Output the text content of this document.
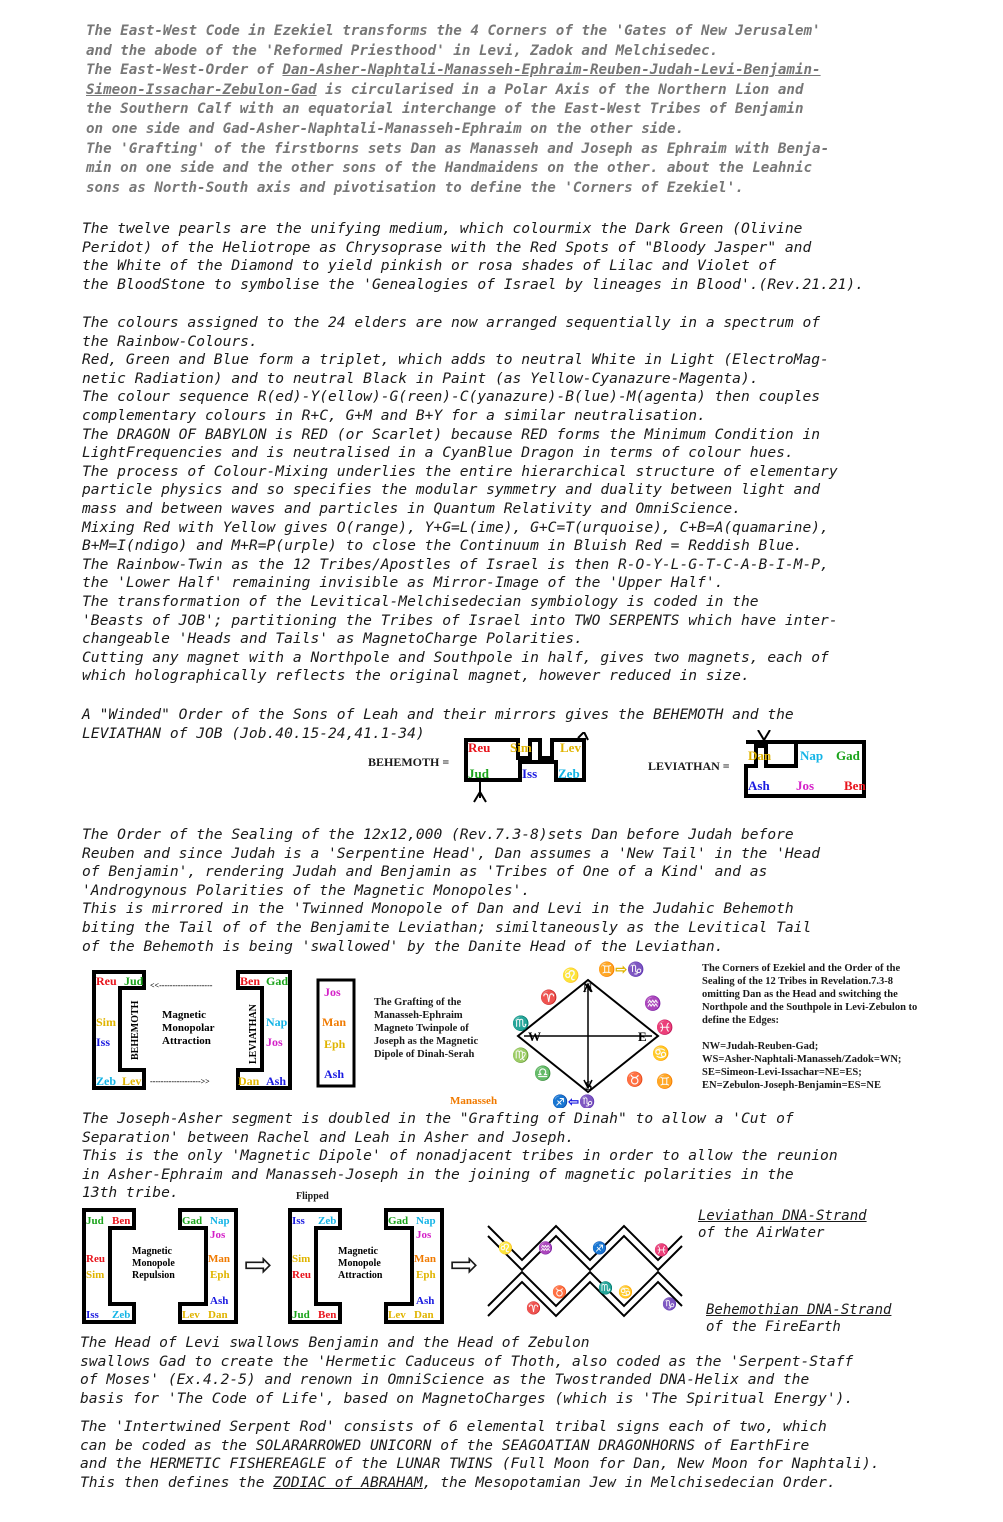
The East-West Code in Ezekiel transforms the 4 Corners of the 'Gates of New Jerusalem'
and the abode of the 'Reformed Priesthood' in Levi, Zadok and Melchisedec.
The East-West-Order of Dan-Asher-Naphtali-Manasseh-Ephraim-Reuben-Judah-Levi-Benjamin-
Simeon-Issachar-Zebulon-Gad is circularised in a Polar Axis of the Northern Lion and
the Southern Calf with an equatorial interchange of the East-West Tribes of Benjamin
on one side and Gad-Asher-Naphtali-Manasseh-Ephraim on the other side.
The 'Grafting' of the firstborns sets Dan as Manasseh and Joseph as Ephraim with Benja-
min on one side and the other sons of the Handmaidens on the other. about the Leahnic
sons as North-South axis and pivotisation to define the 'Corners of Ezekiel'.
The twelve pearls are the unifying medium, which colourmix the Dark Green (Olivine
Peridot) of the Heliotrope as Chrysoprase with the Red Spots of "Bloody Jasper" and
the White of the Diamond to yield pinkish or rosa shades of Lilac and Violet of
the BloodStone to symbolise the 'Genealogies of Israel by lineages in Blood'.(Rev.21.21).
The colours assigned to the 24 elders are now arranged sequentially in a spectrum of
the Rainbow-Colours.
Red, Green and Blue form a triplet, which adds to neutral White in Light (ElectroMag-
netic Radiation) and to neutral Black in Paint (as Yellow-Cyanazure-Magenta).
The colour sequence R(ed)-Y(ellow)-G(reen)-C(yanazure)-B(lue)-M(agenta) then couples
complementary colours in R+C, G+M and B+Y for a similar neutralisation.
The DRAGON OF BABYLON is RED (or Scarlet) because RED forms the Minimum Condition in
LightFrequencies and is neutralised in a CyanBlue Dragon in terms of colour hues.
The process of Colour-Mixing underlies the entire hierarchical structure of elementary
particle physics and so specifies the modular symmetry and duality between light and
mass and between waves and particles in Quantum Relativity and OmniScience.
Mixing Red with Yellow gives O(range), Y+G=L(ime), G+C=T(urquoise), C+B=A(quamarine),
B+M=I(ndigo) and M+R=P(urple) to close the Continuum in Bluish Red = Reddish Blue.
The Rainbow-Twin as the 12 Tribes/Apostles of Israel is then R-O-Y-L-G-T-C-A-B-I-M-P,
the 'Lower Half' remaining invisible as Mirror-Image of the 'Upper Half'.
The transformation of the Levitical-Melchisedecian symbiology is coded in the
'Beasts of JOB'; partitioning the Tribes of Israel into TWO SERPENTS which have inter-
changeable 'Heads and Tails' as MagnetoCharge Polarities.
Cutting any magnet with a Northpole and Southpole in half, gives two magnets, each of
which holographically reflects the original magnet, however reduced in size.
A "Winded" Order of the Sons of Leah and their mirrors gives the BEHEMOTH and the
LEVIATHAN of JOB (Job.40.15-24,41.1-34)
BEHEMOTH =
Reu Sim Lev
Jud	Iss Zeb	LEVIATHAN =
Dan Nap Gad
Ash Jos Ben
The Order of the Sealing of the 12x12,000 (Rev.7.3-8)sets Dan before Judah before
Reuben and since Judah is a 'Serpentine Head', Dan assumes a 'New Tail' in the 'Head
of Benjamin', rendering Judah and Benjamin as 'Tribes of One of a Kind' and as
'Androgynous Polarities of the Magnetic Monopoles'.
This is mirrored in the 'Twinned Monopole of Dan and Levi in the Judahic Behemoth
biting the Tail of of the Benjamite Leviathan; similtaneously as the Levitical Tail
of the Behemoth is being 'swallowed' by the Danite Head of the Leviathan.
Reu Jud
Sim
Iss
Zeb Lev
Ben Gad
Nap
Jos
Dan Ash
BEHEMOTH	LEVIATHAN
Magnetic
Monopolar
Attraction
<<--------------------
------------------->>
Jos
Man
Eph
Ash
The Grafting of the
Manasseh-Ephraim
Magneto Twinpole of
Joseph as the Magnetic
Dipole of Dinah-Serah
N
S
E
W
Manasseh
♌ ♊⇨♑
♈	♒
♏	♓
♍	♋
♎	♉ ♊
♐⇦♑
The Corners of Ezekiel and the Order of the
Sealing of the 12 Tribes in Revelation.7.3-8
omitting Dan as the Head and switching the
Northpole and the Southpole in Levi-Zebulon to
define the Edges:
NW=Judah-Reuben-Gad;
WS=Asher-Naphtali-Manasseh/Zadok=WN;
SE=Simeon-Levi-Issachar=NE=ES;
EN=Zebulon-Joseph-Benjamin=ES=NE
The Joseph-Asher segment is doubled in the "Grafting of Dinah" to allow a 'Cut of
Separation' between Rachel and Leah in Asher and Joseph.
This is the only 'Magnetic Dipole' of nonadjacent tribes in order to allow the reunion
in Asher-Ephraim and Manasseh-Joseph in the joining of magnetic polarities in the
13th tribe.
Jud Ben
Reu
Sim
Iss Zeb
Gad Nap
Jos
Man
Eph
Ash
Lev Dan
Magnetic
Monopole
Repulsion ⇨
Flipped
Iss Zeb
Sim
Reu
Jud Ben
Gad Nap
Jos
Man
Eph
Ash
Lev Dan
Magnetic
Monopole
Attraction ⇨ ♌ ♒	♐	♓
♉	♏ ♋
♈	♑
Leviathan DNA-Strand
of the AirWater
Behemothian DNA-Strand
of the FireEarth
The Head of Levi swallows Benjamin and the Head of Zebulon
swallows Gad to create the 'Hermetic Caduceus of Thoth, also coded as the 'Serpent-Staff
of Moses' (Ex.4.2-5) and renown in OmniScience as the Twostranded DNA-Helix and the
basis for 'The Code of Life', based on MagnetoCharges (which is 'The Spiritual Energy').
The 'Intertwined Serpent Rod' consists of 6 elemental tribal signs each of two, which
can be coded as the SOLARARROWED UNICORN of the SEAGOATIAN DRAGONHORNS of EarthFire
and the HERMETIC FISHEREAGLE of the LUNAR TWINS (Full Moon for Dan, New Moon for Naphtali).
This then defines the ZODIAC of ABRAHAM, the Mesopotamian Jew in Melchisedecian Order.
